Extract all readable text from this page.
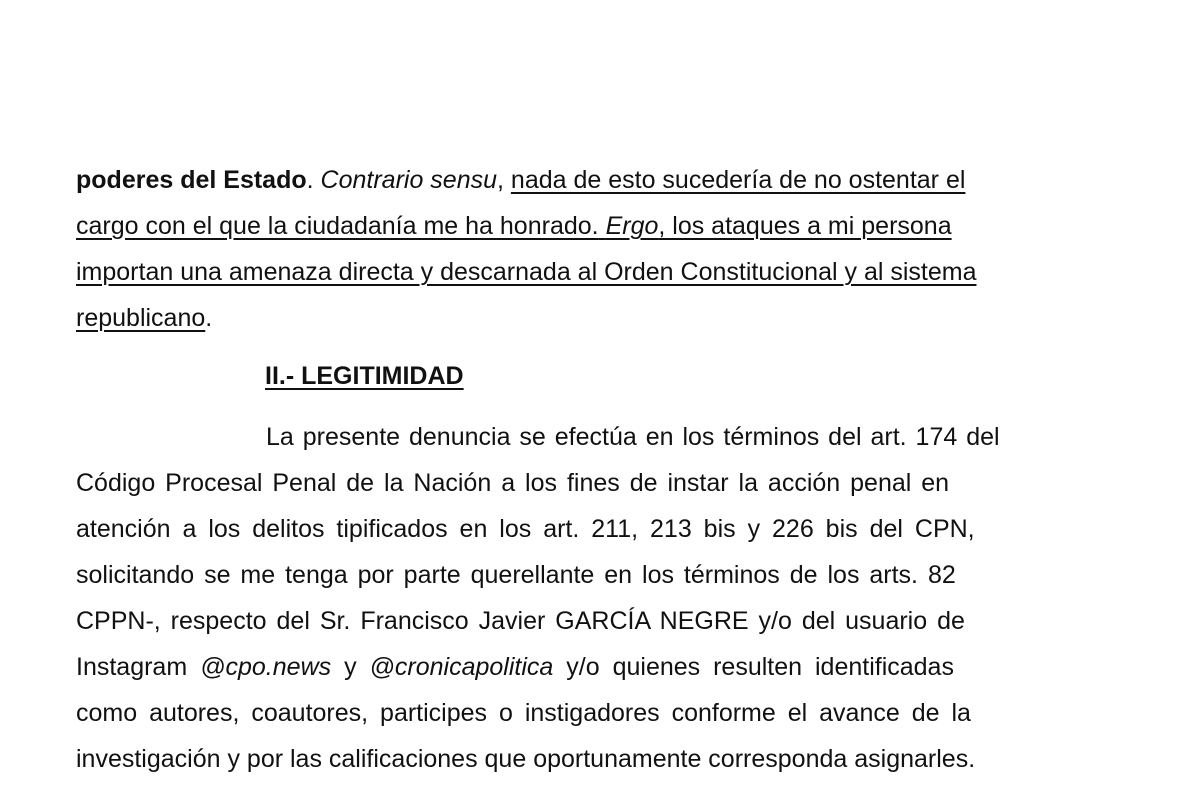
poderes del Estado. Contrario sensu, nada de esto sucedería de no ostentar el

cargo con el que la ciudadanía me ha honrado. Ergo, los ataques a mi persona

importan una amenaza directa y descarnada al Orden Constitucional y al sistema

republicano.

II.- LEGITIMIDAD
La presente denuncia se efectúa en los términos del art. 174 del

Código Procesal Penal de la Nación a los fines de instar la acción penal en

atención a los delitos tipificados en los art. 211, 213 bis y 226 bis del CPN,

solicitando se me tenga por parte querellante en los términos de los arts. 82

CPPN-, respecto del Sr. Francisco Javier GARCÍA NEGRE y/o del usuario de

Instagram @cpo.news y @cronicapolitica y/o quienes resulten identificadas

como autores, coautores, participes o instigadores conforme el avance de la

investigación y por las calificaciones que oportunamente corresponda asignarles.
